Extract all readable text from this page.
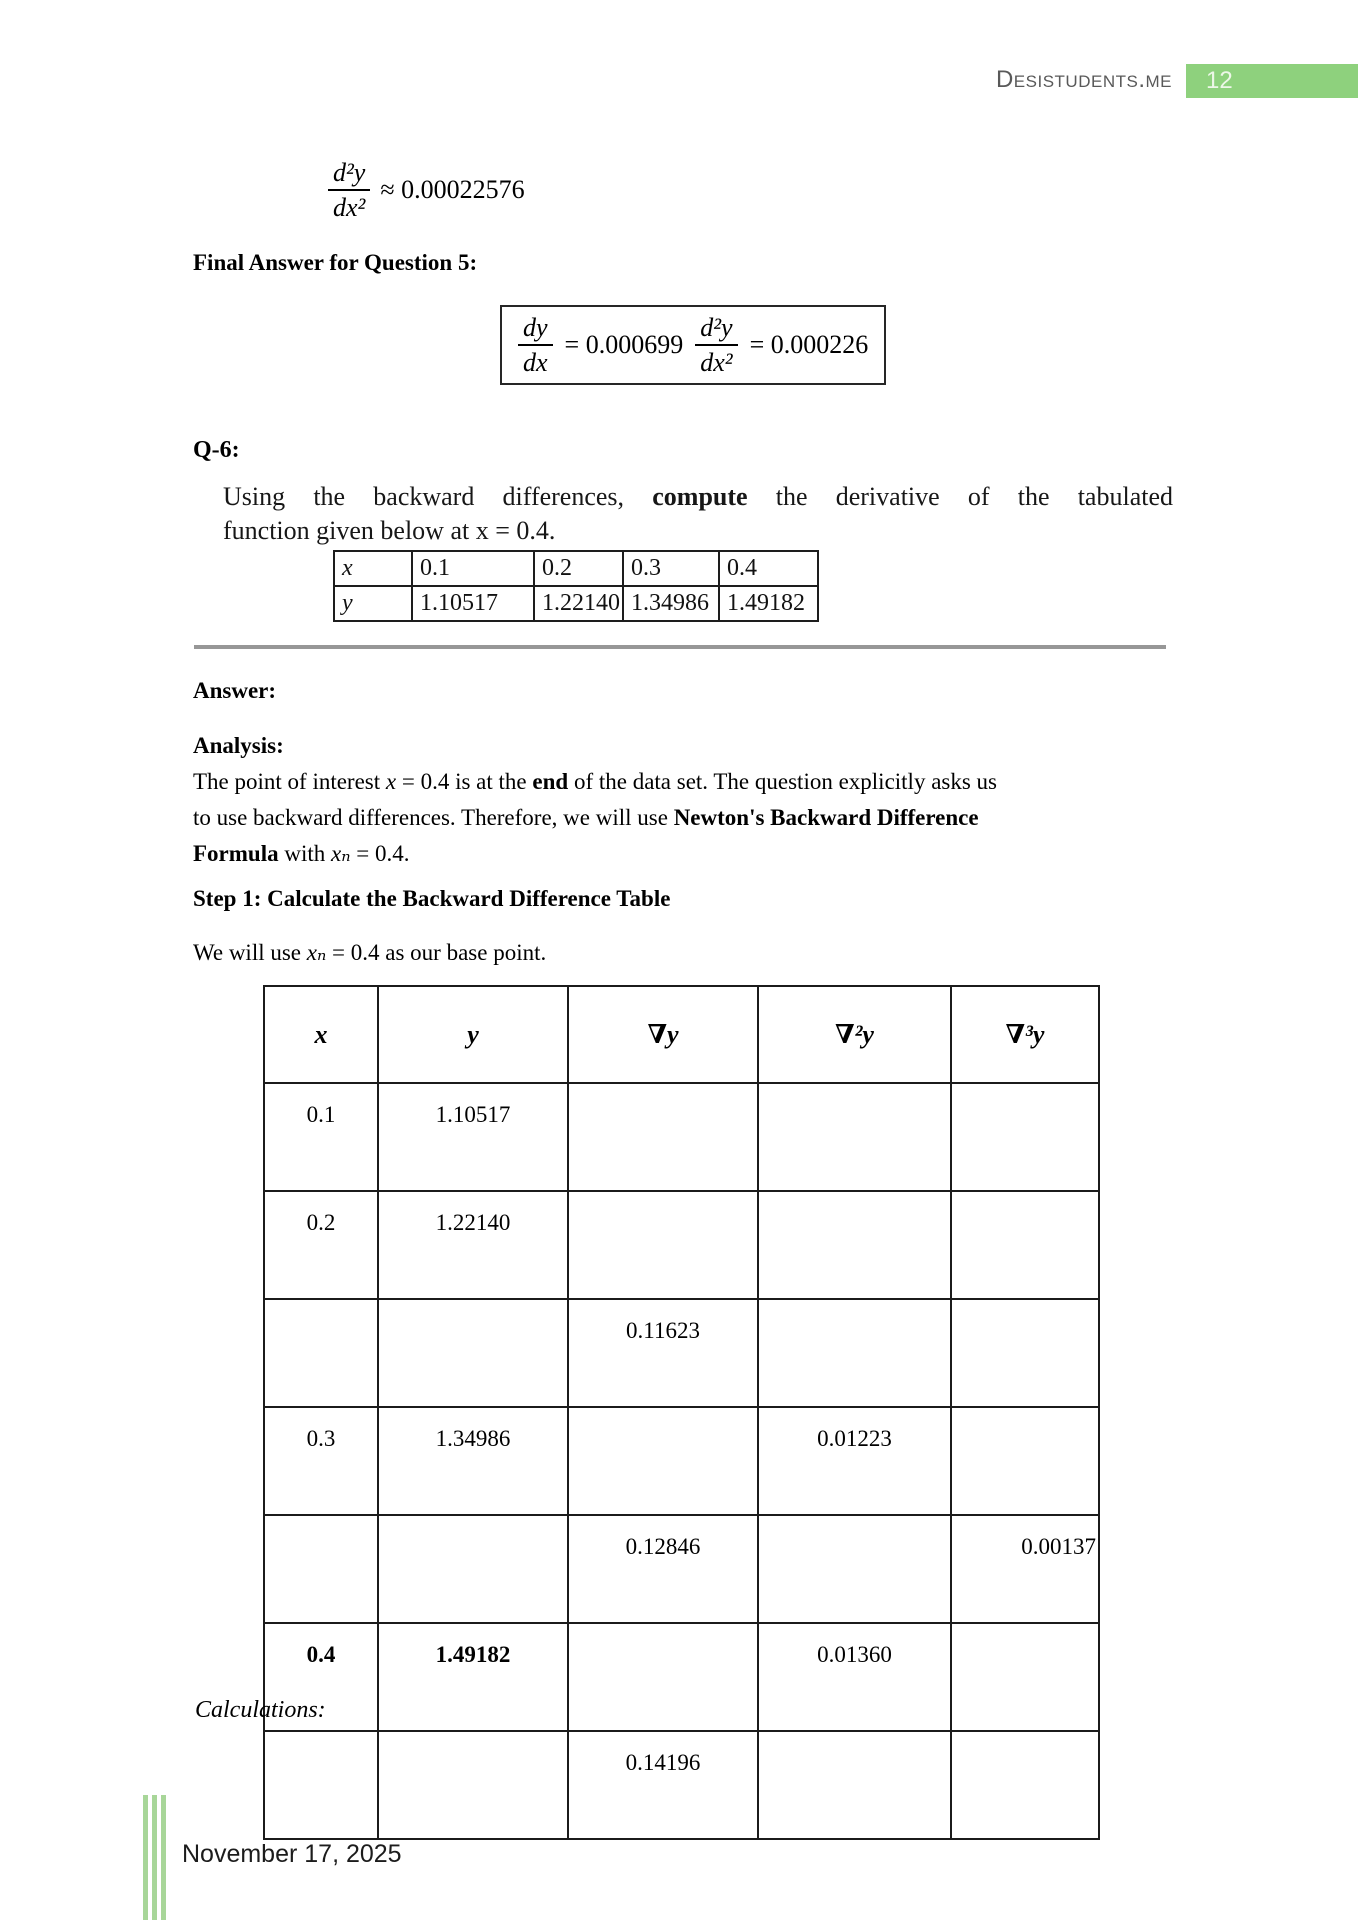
Desistudents.me	12
$\frac{\text{d²y}}{\text{dx²}} \approx 0.00022576$
Final Answer for Question 5:
$\frac{dy}{dx} = 0.000699 \frac{\text{d²y}}{\text{dx²}} = 0.000226$
Q-6:
Using the backward differences, compute the derivative of the tabulated
function given below at x = 0.4.
x	0.1	0.2	0.3	0.4
y	1.10517	1.22140	1.34986	1.49182
Answer:
Analysis:
The point of interest x = 0.4 is at the end of the data set. The question explicitly asks us
to use backward differences. Therefore, we will use Newton's Backward Difference
Formula with xₙ = 0.4.
Step 1: Calculate the Backward Difference Table
We will use xₙ = 0.4 as our base point.
x	y	∇y	∇²y	∇³y
0.1	1.10517			
0.2	1.22140			
		0.11623		
0.3	1.34986		0.01223	
		0.12846		0.00137
0.4	1.49182		0.01360	
		0.14196		
Calculations:
November 17, 2025
